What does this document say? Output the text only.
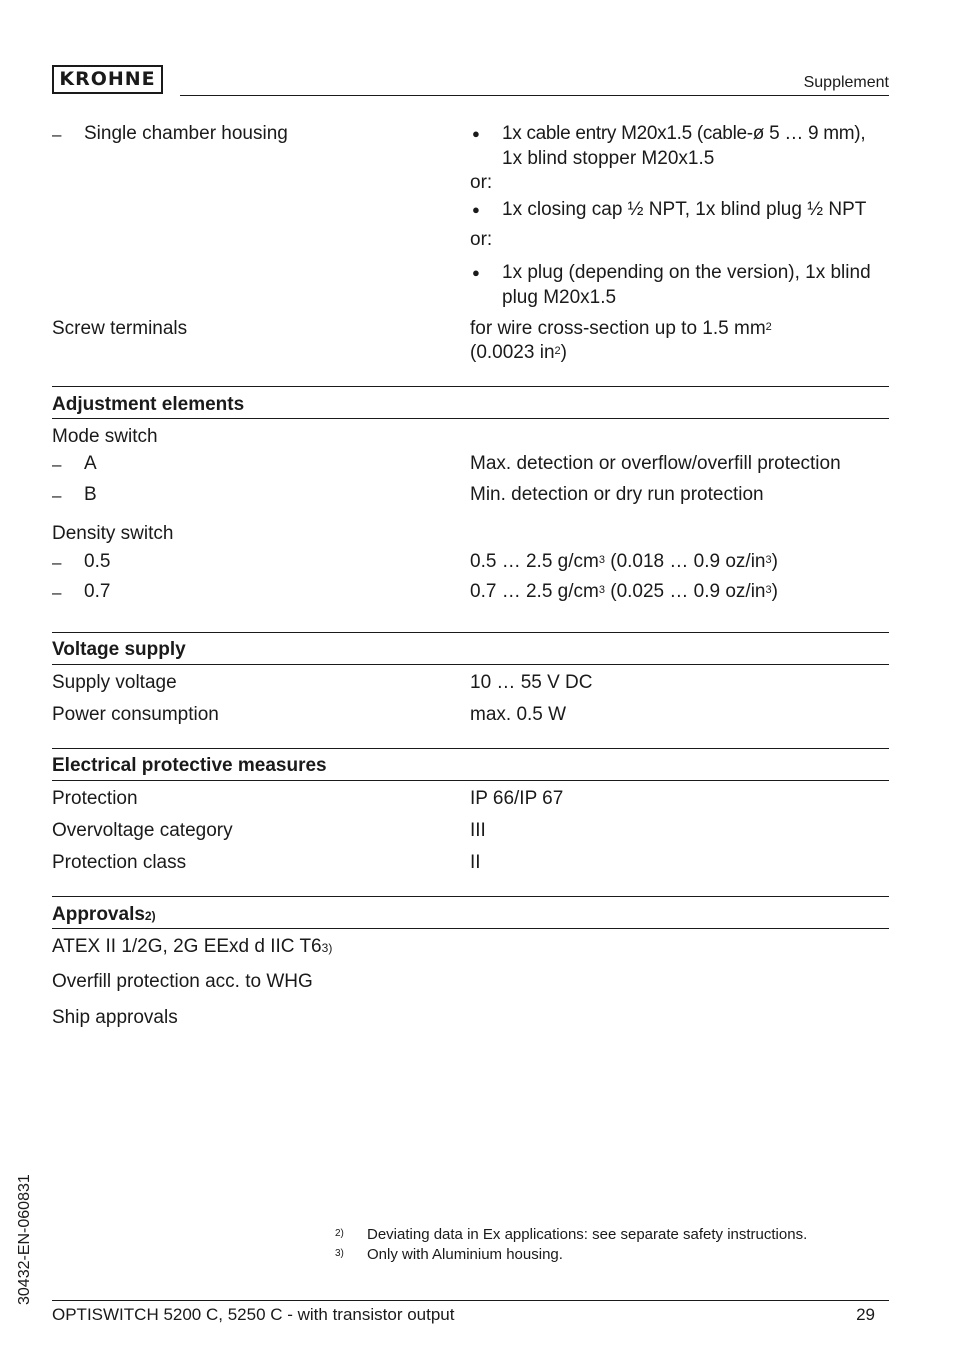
KROHNE	Supplement
– Single chamber housing	● 1x cable entry M20x1.5 (cable-ø 5 … 9 mm),
1x blind stopper M20x1.5
or:
● 1x closing cap ½ NPT, 1x blind plug ½ NPT
or:
● 1x plug (depending on the version), 1x blind
plug M20x1.5
Screw terminals	for wire cross-section up to 1.5 $mm^2$
(0.0023 $in^2$)
Adjustment elements
Mode switch
– A	Max. detection or overflow/overfill protection
– B	Min. detection or dry run protection
Density switch
– 0.5	0.5 … 2.5 $g/cm^3$ (0.018 … 0.9 $oz/in^3$)
– 0.7	0.7 … 2.5 $g/cm^3$ (0.025 … 0.9 $oz/in^3$)
Voltage supply
Supply voltage	10 … 55 V DC
Power consumption	max. 0.5 W
Electrical protective measures
Protection	IP 66/IP 67
Overvoltage category	III
Protection class	II
Approvals2)
ATEX II 1/2G, 2G EExd d IIC T63)
Overfill protection acc. to WHG
Ship approvals
2) Deviating data in Ex applications: see separate safety instructions.
3) Only with Aluminium housing.
30432-EN-060831
OPTISWITCH 5200 C, 5250 C - with transistor output	29
